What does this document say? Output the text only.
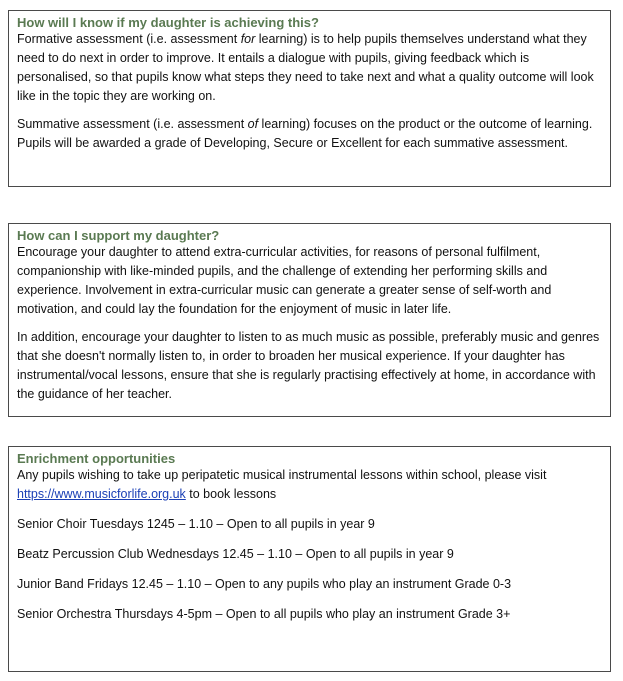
How will I know if my daughter is achieving this?

Formative assessment (i.e. assessment for learning) is to help pupils themselves understand what they need to do next in order to improve. It entails a dialogue with pupils, giving feedback which is personalised, so that pupils know what steps they need to take next and what a quality outcome will look like in the topic they are working on.

Summative assessment (i.e. assessment of learning) focuses on the product or the outcome of learning. Pupils will be awarded a grade of Developing, Secure or Excellent for each summative assessment.

How can I support my daughter?

Encourage your daughter to attend extra-curricular activities, for reasons of personal fulfilment, companionship with like-minded pupils, and the challenge of extending her performing skills and experience. Involvement in extra-curricular music can generate a greater sense of self-worth and motivation, and could lay the foundation for the enjoyment of music in later life.

In addition, encourage your daughter to listen to as much music as possible, preferably music and genres that she doesn't normally listen to, in order to broaden her musical experience. If your daughter has instrumental/vocal lessons, ensure that she is regularly practising effectively at home, in accordance with the guidance of her teacher.

Enrichment opportunities

Any pupils wishing to take up peripatetic musical instrumental lessons within school, please visit https://www.musicforlife.org.uk to book lessons

Senior Choir Tuesdays 1245 – 1.10 – Open to all pupils in year 9

Beatz Percussion Club Wednesdays 12.45 – 1.10 – Open to all pupils in year 9

Junior Band Fridays 12.45 – 1.10 – Open to any pupils who play an instrument Grade 0-3

Senior Orchestra Thursdays 4-5pm – Open to all pupils who play an instrument Grade 3+
